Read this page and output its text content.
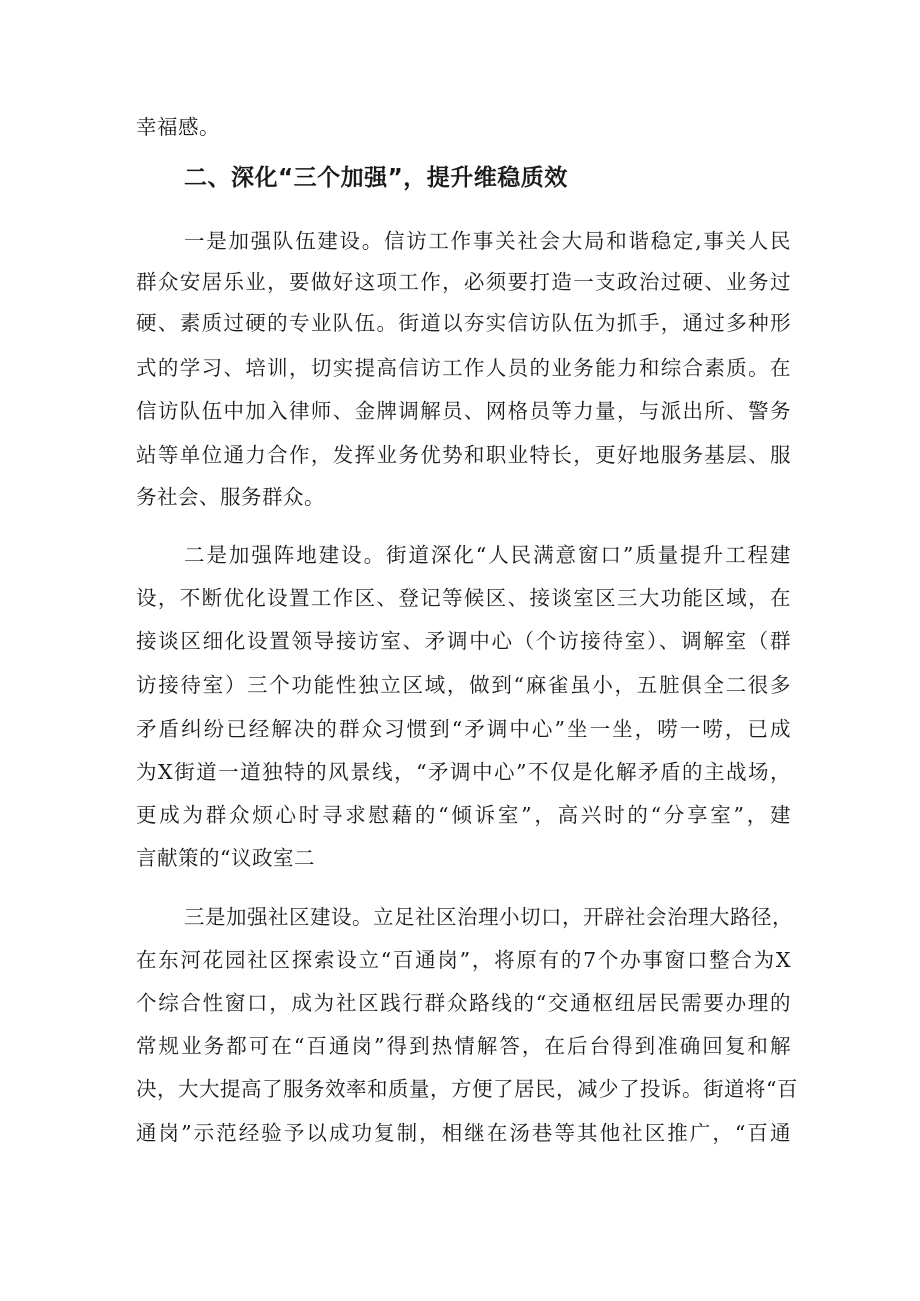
幸福感。
二、深化“三个加强”，提升维稳质效
一是加强队伍建设。信访工作事关社会大局和谐稳定,事关人民
群众安居乐业，要做好这项工作，必须要打造一支政治过硬、业务过
硬、素质过硬的专业队伍。街道以夯实信访队伍为抓手，通过多种形
式的学习、培训，切实提高信访工作人员的业务能力和综合素质。在
信访队伍中加入律师、金牌调解员、网格员等力量，与派出所、警务
站等单位通力合作，发挥业务优势和职业特长，更好地服务基层、服
务社会、服务群众。
二是加强阵地建设。街道深化“人民满意窗口”质量提升工程建
设，不断优化设置工作区、登记等候区、接谈室区三大功能区域，在
接谈区细化设置领导接访室、矛调中心（个访接待室）、调解室（群
访接待室）三个功能性独立区域，做到“麻雀虽小，五脏俱全二很多
矛盾纠纷已经解决的群众习惯到“矛调中心”坐一坐，唠一唠，已成
为X街道一道独特的风景线，“矛调中心”不仅是化解矛盾的主战场，
更成为群众烦心时寻求慰藉的“倾诉室”，高兴时的“分享室”，建
言献策的“议政室二
三是加强社区建设。立足社区治理小切口，开辟社会治理大路径，
在东河花园社区探索设立“百通岗”，将原有的7个办事窗口整合为X
个综合性窗口，成为社区践行群众路线的“交通枢纽居民需要办理的
常规业务都可在“百通岗”得到热情解答，在后台得到准确回复和解
决，大大提高了服务效率和质量，方便了居民，减少了投诉。街道将“百
通岗”示范经验予以成功复制，相继在汤巷等其他社区推广，“百通
